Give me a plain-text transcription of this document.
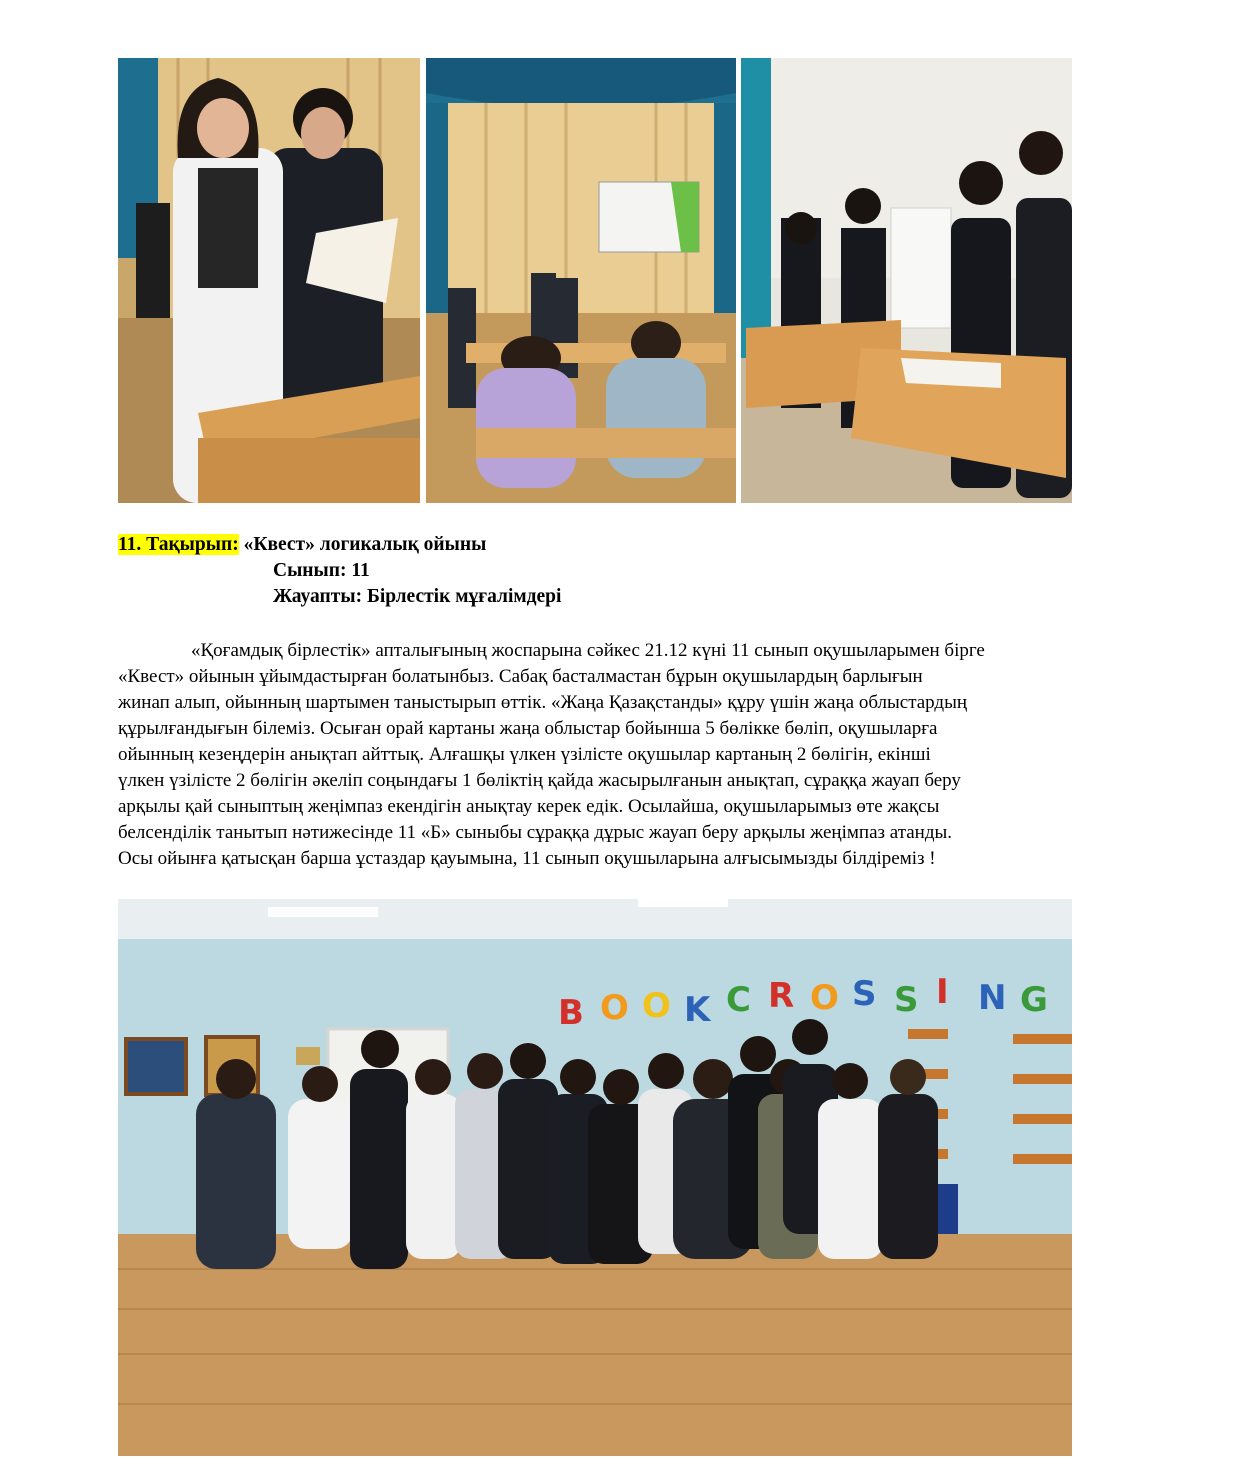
11. Тақырып: «Квест» логикалық ойыны
Сынып: 11
Жауапты: Бірлестік мұғалімдері
«Қоғамдық бірлестік» апталығының жоспарына сәйкес 21.12 күні 11 сынып оқушыларымен бірге
«Квест» ойынын ұйымдастырған болатынбыз. Сабақ басталмастан бұрын оқушылардың барлығын
жинап алып, ойынның шартымен таныстырып өттік. «Жаңа Қазақстанды» құру үшін жаңа облыстардың
құрылғандығын білеміз. Осыған орай картаны жаңа облыстар бойынша 5 бөлікке бөліп, оқушыларға
ойынның кезеңдерін анықтап айттық. Алғашқы үлкен үзілісте оқушылар картаның 2 бөлігін, екінші
үлкен үзілісте 2 бөлігін әкеліп соңындағы 1 бөліктің қайда жасырылғанын анықтап, сұраққа жауап беру
арқылы қай сыныптың жеңімпаз екендігін анықтау керек едік. Осылайша, оқушыларымыз өте жақсы
белсенділік танытып нәтижесінде 11 «Б» сыныбы сұраққа дұрыс жауап беру арқылы жеңімпаз атанды.
Осы ойынға қатысқан барша ұстаздар қауымына, 11 сынып оқушыларына алғысымызды білдіреміз !
B O O K C R O S S I N G
